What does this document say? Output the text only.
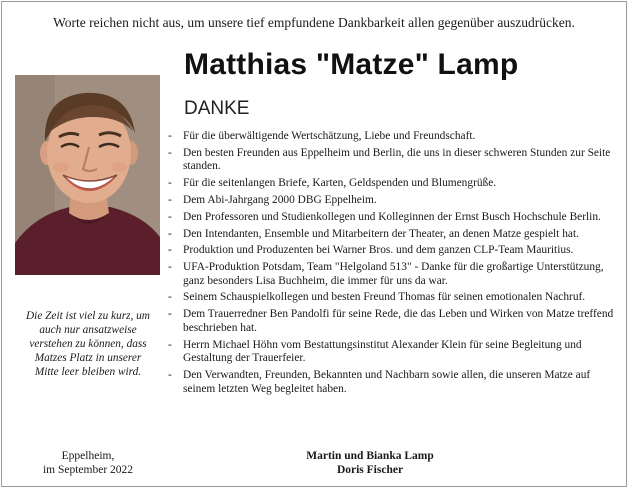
Worte reichen nicht aus, um unsere tief empfundene Dankbarkeit allen gegenüber auszudrücken.
Matthias "Matze" Lamp
DANKE
Die Zeit ist viel zu kurz, um auch nur ansatzweise verstehen zu können, dass Matzes Platz in unserer Mitte leer bleiben wird.
- Für die überwältigende Wertschätzung, Liebe und Freundschaft.
- Den besten Freunden aus Eppelheim und Berlin, die uns in dieser schweren Stunden zur Seite standen.
- Für die seitenlangen Briefe, Karten, Geldspenden und Blumengrüße.
- Dem Abi-Jahrgang 2000 DBG Eppelheim.
- Den Professoren und Studienkollegen und Kolleginnen der Ernst Busch Hochschule Berlin.
- Den Intendanten, Ensemble und Mitarbeitern der Theater, an denen Matze gespielt hat.
- Produktion und Produzenten bei Warner Bros. und dem ganzen CLP-Team Mauritius.
- UFA-Produktion Potsdam, Team "Helgoland 513" - Danke für die großartige Unterstützung, ganz besonders Lisa Buchheim, die immer für uns da war.
- Seinem Schauspielkollegen und besten Freund Thomas für seinen emotionalen Nachruf.
- Dem Trauerredner Ben Pandolfi für seine Rede, die das Leben und Wirken von Matze treffend beschrieben hat.
- Herrn Michael Höhn vom Bestattungsinstitut Alexander Klein für seine Begleitung und Gestaltung der Trauerfeier.
- Den Verwandten, Freunden, Bekannten und Nachbarn sowie allen, die unseren Matze auf seinem letzten Weg begleitet haben.
Eppelheim,
im September 2022
Martin und Bianka Lamp
Doris Fischer
